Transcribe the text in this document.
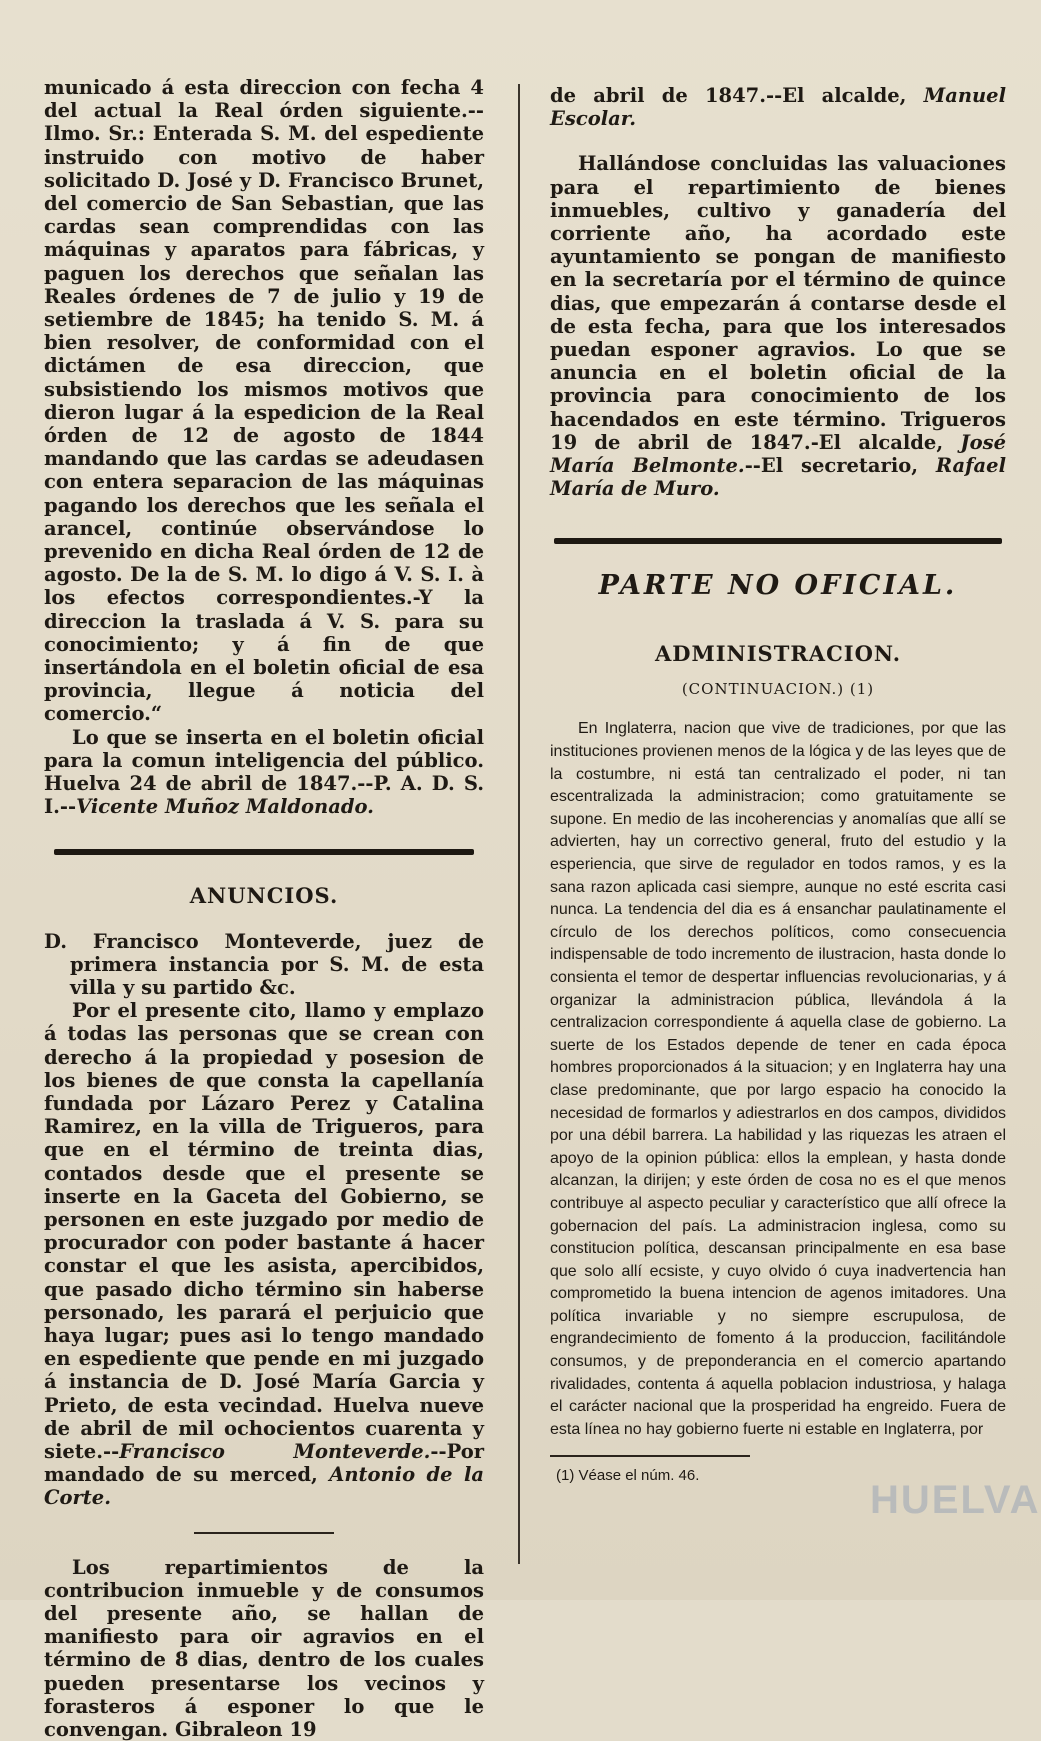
municado á esta direccion con fecha 4 del actual la Real órden siguiente.--Ilmo. Sr.: Enterada S. M. del espediente instruido con motivo de haber solicitado D. José y D. Francisco Brunet, del comercio de San Sebastian, que las cardas sean comprendidas con las máquinas y aparatos para fábricas, y paguen los derechos que señalan las Reales órdenes de 7 de julio y 19 de setiembre de 1845; ha tenido S. M. á bien resolver, de conformidad con el dictámen de esa direccion, que subsistiendo los mismos motivos que dieron lugar á la espedicion de la Real órden de 12 de agosto de 1844 mandando que las cardas se adeudasen con entera separacion de las máquinas pagando los derechos que les señala el arancel, continúe observándose lo prevenido en dicha Real órden de 12 de agosto. De la de S. M. lo digo á V. S. I. à los efectos correspondientes.-Y la direccion la traslada á V. S. para su conocimiento; y á fin de que insertándola en el boletin oficial de esa provincia, llegue á noticia del comercio.“

Lo que se inserta en el boletin oficial para la comun inteligencia del público. Huelva 24 de abril de 1847.--P. A. D. S. I.--Vicente Muñoz Maldonado.

ANUNCIOS.

D. Francisco Monteverde, juez de primera instancia por S. M. de esta villa y su partido &c.

Por el presente cito, llamo y emplazo á todas las personas que se crean con derecho á la propiedad y posesion de los bienes de que consta la capellanía fundada por Lázaro Perez y Catalina Ramirez, en la villa de Trigueros, para que en el término de treinta dias, contados desde que el presente se inserte en la Gaceta del Gobierno, se personen en este juzgado por medio de procurador con poder bastante á hacer constar el que les asista, apercibidos, que pasado dicho término sin haberse personado, les parará el perjuicio que haya lugar; pues asi lo tengo mandado en espediente que pende en mi juzgado á instancia de D. José María Garcia y Prieto, de esta vecindad. Huelva nueve de abril de mil ochocientos cuarenta y siete.--Francisco Monteverde.--Por mandado de su merced, Antonio de la Corte.

Los repartimientos de la contribucion inmueble y de consumos del presente año, se hallan de manifiesto para oir agravios en el término de 8 dias, dentro de los cuales pueden presentarse los vecinos y forasteros á esponer lo que le convengan. Gibraleon 19

de abril de 1847.--El alcalde, Manuel Escolar.

Hallándose concluidas las valuaciones para el repartimiento de bienes inmuebles, cultivo y ganadería del corriente año, ha acordado este ayuntamiento se pongan de manifiesto en la secretaría por el término de quince dias, que empezarán á contarse desde el de esta fecha, para que los interesados puedan esponer agravios. Lo que se anuncia en el boletin oficial de la provincia para conocimiento de los hacendados en este término. Trigueros 19 de abril de 1847.-El alcalde, José María Belmonte.--El secretario, Rafael María de Muro.

PARTE NO OFICIAL.
ADMINISTRACION.
(CONTINUACION.) (1)

En Inglaterra, nacion que vive de tradiciones, por que las instituciones provienen menos de la lógica y de las leyes que de la costumbre, ni está tan centralizado el poder, ni tan escentralizada la administracion; como gratuitamente se supone. En medio de las incoherencias y anomalías que allí se advierten, hay un correctivo general, fruto del estudio y la esperiencia, que sirve de regulador en todos ramos, y es la sana razon aplicada casi siempre, aunque no esté escrita casi nunca. La tendencia del dia es á ensanchar paulatinamente el círculo de los derechos políticos, como consecuencia indispensable de todo incremento de ilustracion, hasta donde lo consienta el temor de despertar influencias revolucionarias, y á organizar la administracion pública, llevándola á la centralizacion correspondiente á aquella clase de gobierno. La suerte de los Estados depende de tener en cada época hombres proporcionados á la situacion; y en Inglaterra hay una clase predominante, que por largo espacio ha conocido la necesidad de formarlos y adiestrarlos en dos campos, divididos por una débil barrera. La habilidad y las riquezas les atraen el apoyo de la opinion pública: ellos la emplean, y hasta donde alcanzan, la dirijen; y este órden de cosa no es el que menos contribuye al aspecto peculiar y característico que allí ofrece la gobernacion del país. La administracion inglesa, como su constitucion política, descansan principalmente en esa base que solo allí ecsiste, y cuyo olvido ó cuya inadvertencia han comprometido la buena intencion de agenos imitadores. Una política invariable y no siempre escrupulosa, de engrandecimiento de fomento á la produccion, facilitándole consumos, y de preponderancia en el comercio apartando rivalidades, contenta á aquella poblacion industriosa, y halaga el carácter nacional que la prosperidad ha engreido. Fuera de esta línea no hay gobierno fuerte ni estable en Inglaterra, por

(1) Véase el núm. 46.
HUELVA
